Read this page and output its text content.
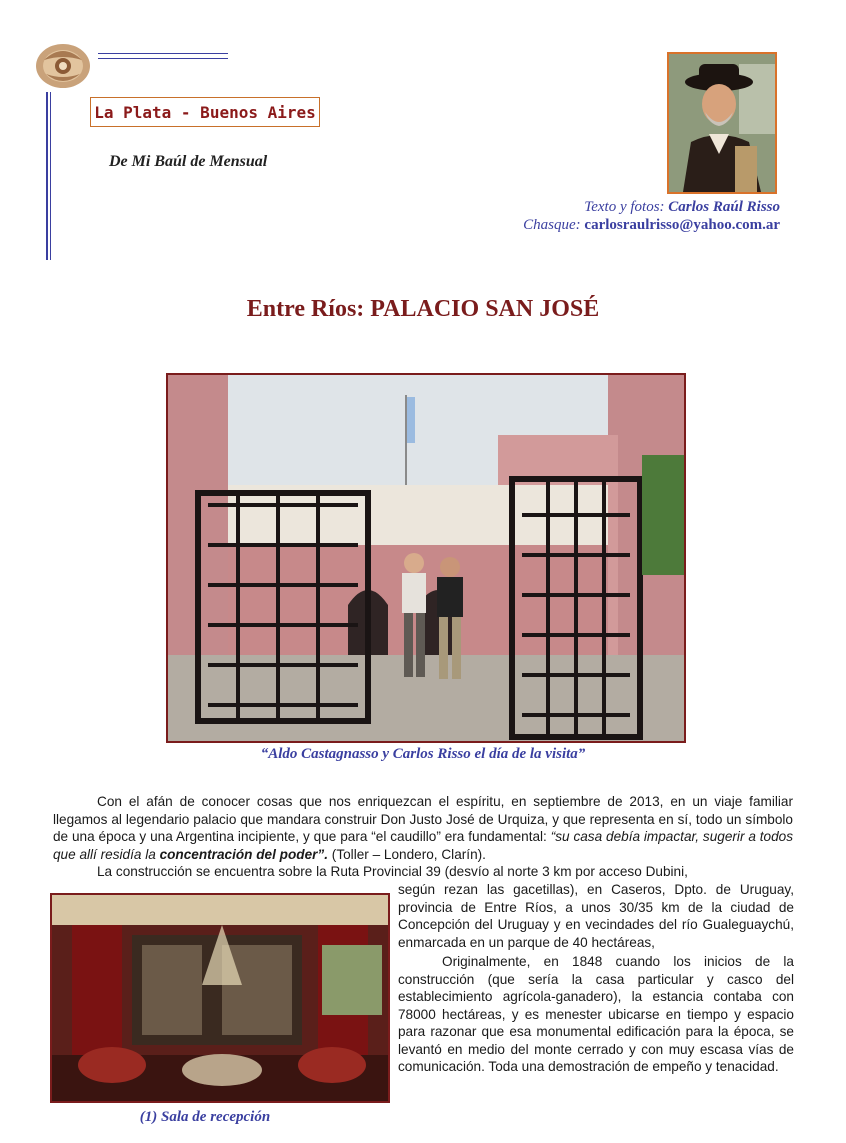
La Plata - Buenos Aires
De Mi Baúl de Mensual
Texto y fotos: Carlos Raúl Risso
Chasque: carlosraulrisso@yahoo.com.ar
Entre Ríos: PALACIO SAN JOSÉ
“Aldo Castagnasso y Carlos Risso el día de la visita”
Con el afán de conocer cosas que nos enriquezcan el espíritu, en septiembre de 2013, en un viaje familiar llegamos al legendario palacio que mandara construir Don Justo José de Urquiza, y que representa en sí, todo un símbolo de una época y una Argentina incipiente, y que para “el caudillo” era fundamental: “su casa debía impactar, sugerir a todos que allí residía la concentración del poder”. (Toller – Londero, Clarín).
La construcción se encuentra sobre la Ruta Provincial 39 (desvío al norte 3 km por acceso Dubini,
(1) Sala de recepción

según rezan las gacetillas), en Caseros, Dpto. de Uruguay, provincia de Entre Ríos, a unos 30/35 km de la ciudad de Concepción del Uruguay y en vecindades del río Gualeguaychú, enmarcada en un parque de 40 hectáreas,

Originalmente, en 1848 cuando los inicios de la construcción (que sería la casa particular y casco del establecimiento agrícola-ganadero), la estancia contaba con 78000 hectáreas, y es menester ubicarse en tiempo y espacio para razonar que esa monumental edificación para la época, se levantó en medio del monte cerrado y con muy escasa vías de comunicación. Toda una demostración de empeño y tenacidad.
